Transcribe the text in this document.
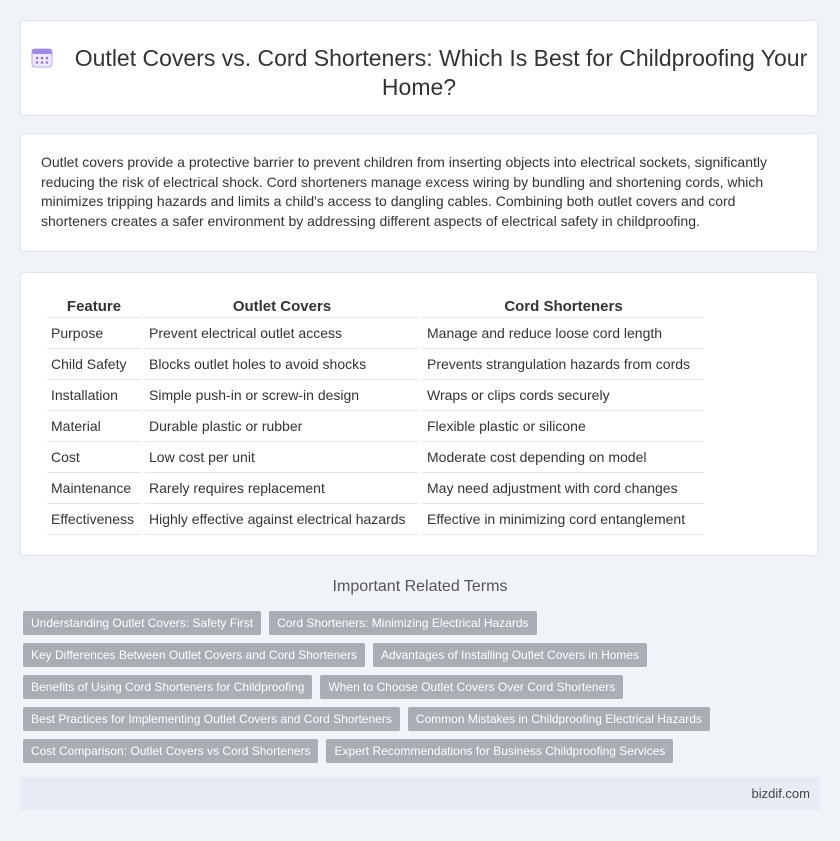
Outlet Covers vs. Cord Shorteners: Which Is Best for Childproofing Your Home?
Outlet covers provide a protective barrier to prevent children from inserting objects into electrical sockets, significantly reducing the risk of electrical shock. Cord shorteners manage excess wiring by bundling and shortening cords, which minimizes tripping hazards and limits a child's access to dangling cables. Combining both outlet covers and cord shorteners creates a safer environment by addressing different aspects of electrical safety in childproofing.
Feature	Outlet Covers	Cord Shorteners
Purpose	Prevent electrical outlet access	Manage and reduce loose cord length
Child Safety	Blocks outlet holes to avoid shocks	Prevents strangulation hazards from cords
Installation	Simple push-in or screw-in design	Wraps or clips cords securely
Material	Durable plastic or rubber	Flexible plastic or silicone
Cost	Low cost per unit	Moderate cost depending on model
Maintenance	Rarely requires replacement	May need adjustment with cord changes
Effectiveness	Highly effective against electrical hazards	Effective in minimizing cord entanglement
Important Related Terms
Understanding Outlet Covers: Safety First	Cord Shorteners: Minimizing Electrical Hazards
Key Differences Between Outlet Covers and Cord Shorteners	Advantages of Installing Outlet Covers in Homes
Benefits of Using Cord Shorteners for Childproofing	When to Choose Outlet Covers Over Cord Shorteners
Best Practices for Implementing Outlet Covers and Cord Shorteners	Common Mistakes in Childproofing Electrical Hazards
Cost Comparison: Outlet Covers vs Cord Shorteners	Expert Recommendations for Business Childproofing Services
bizdif.com
